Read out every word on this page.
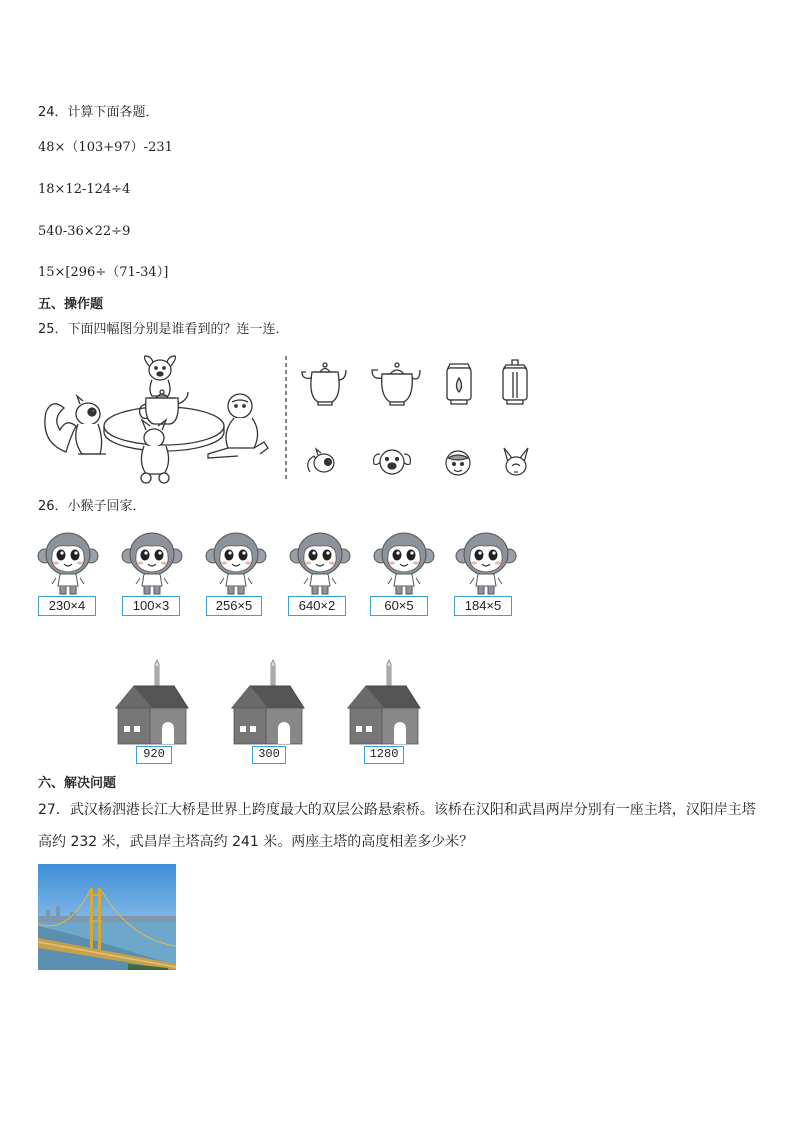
24．计算下面各题．
48×（103+97）-231
18×12-124÷4
540-36×22÷9
15×[296÷（71-34）]
五、操作题
25．下面四幅图分别是谁看到的？连一连．
26．小猴子回家．
230×4	100×3	256×5	640×2	60×5	184×5
920	300	1280
六、解决问题
27．武汉杨泗港长江大桥是世界上跨度最大的双层公路悬索桥。该桥在汉阳和武昌两岸分别有一座主塔，汉阳岸主塔
高约 232 米，武昌岸主塔高约 241 米。两座主塔的高度相差多少米？
